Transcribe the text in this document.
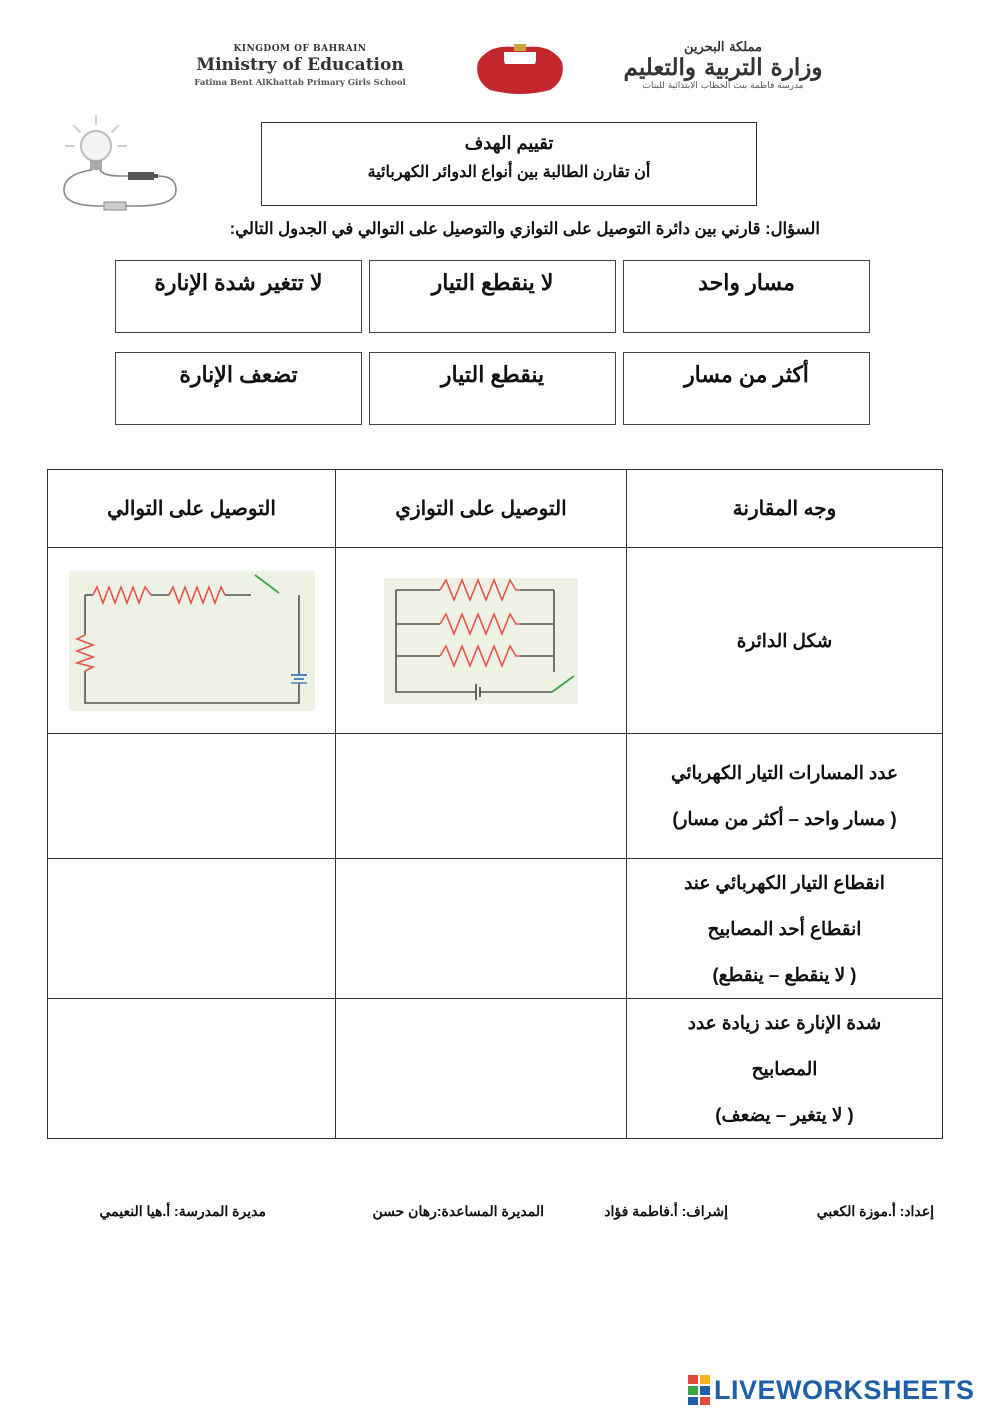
KINGDOM OF BAHRAIN
Ministry of Education
Fatima Bent AlKhattab Primary Girls School
مملكة البحرين
وزارة التربية والتعليم
مدرسة فاطمة بنت الخطاب الابتدائية للبنات
تقييم الهدف
أن تقارن الطالبة بين أنواع الدوائر الكهربائية
السؤال: قارني بين دائرة التوصيل على التوازي والتوصيل على التوالي في الجدول التالي:
مسار واحد
لا ينقطع التيار
لا تتغير شدة الإنارة
أكثر من مسار
ينقطع التيار
تضعف الإنارة
وجه المقارنة	التوصيل على التوازي	التوصيل على التوالي

شكل الدائرة

عدد المسارات التيار الكهربائي
( مسار واحد – أكثر من مسار)		

انقطاع التيار الكهربائي عند
انقطاع أحد المصابيح
( لا ينقطع – ينقطع)		

شدة الإنارة عند زيادة عدد
المصابيح
( لا يتغير – يضعف)		

إعداد: أ.موزة الكعبي
إشراف: أ.فاطمة فؤاد
المديرة المساعدة:رهان حسن
مديرة المدرسة: أ.هيا النعيمي
LIVEWORKSHEETS
